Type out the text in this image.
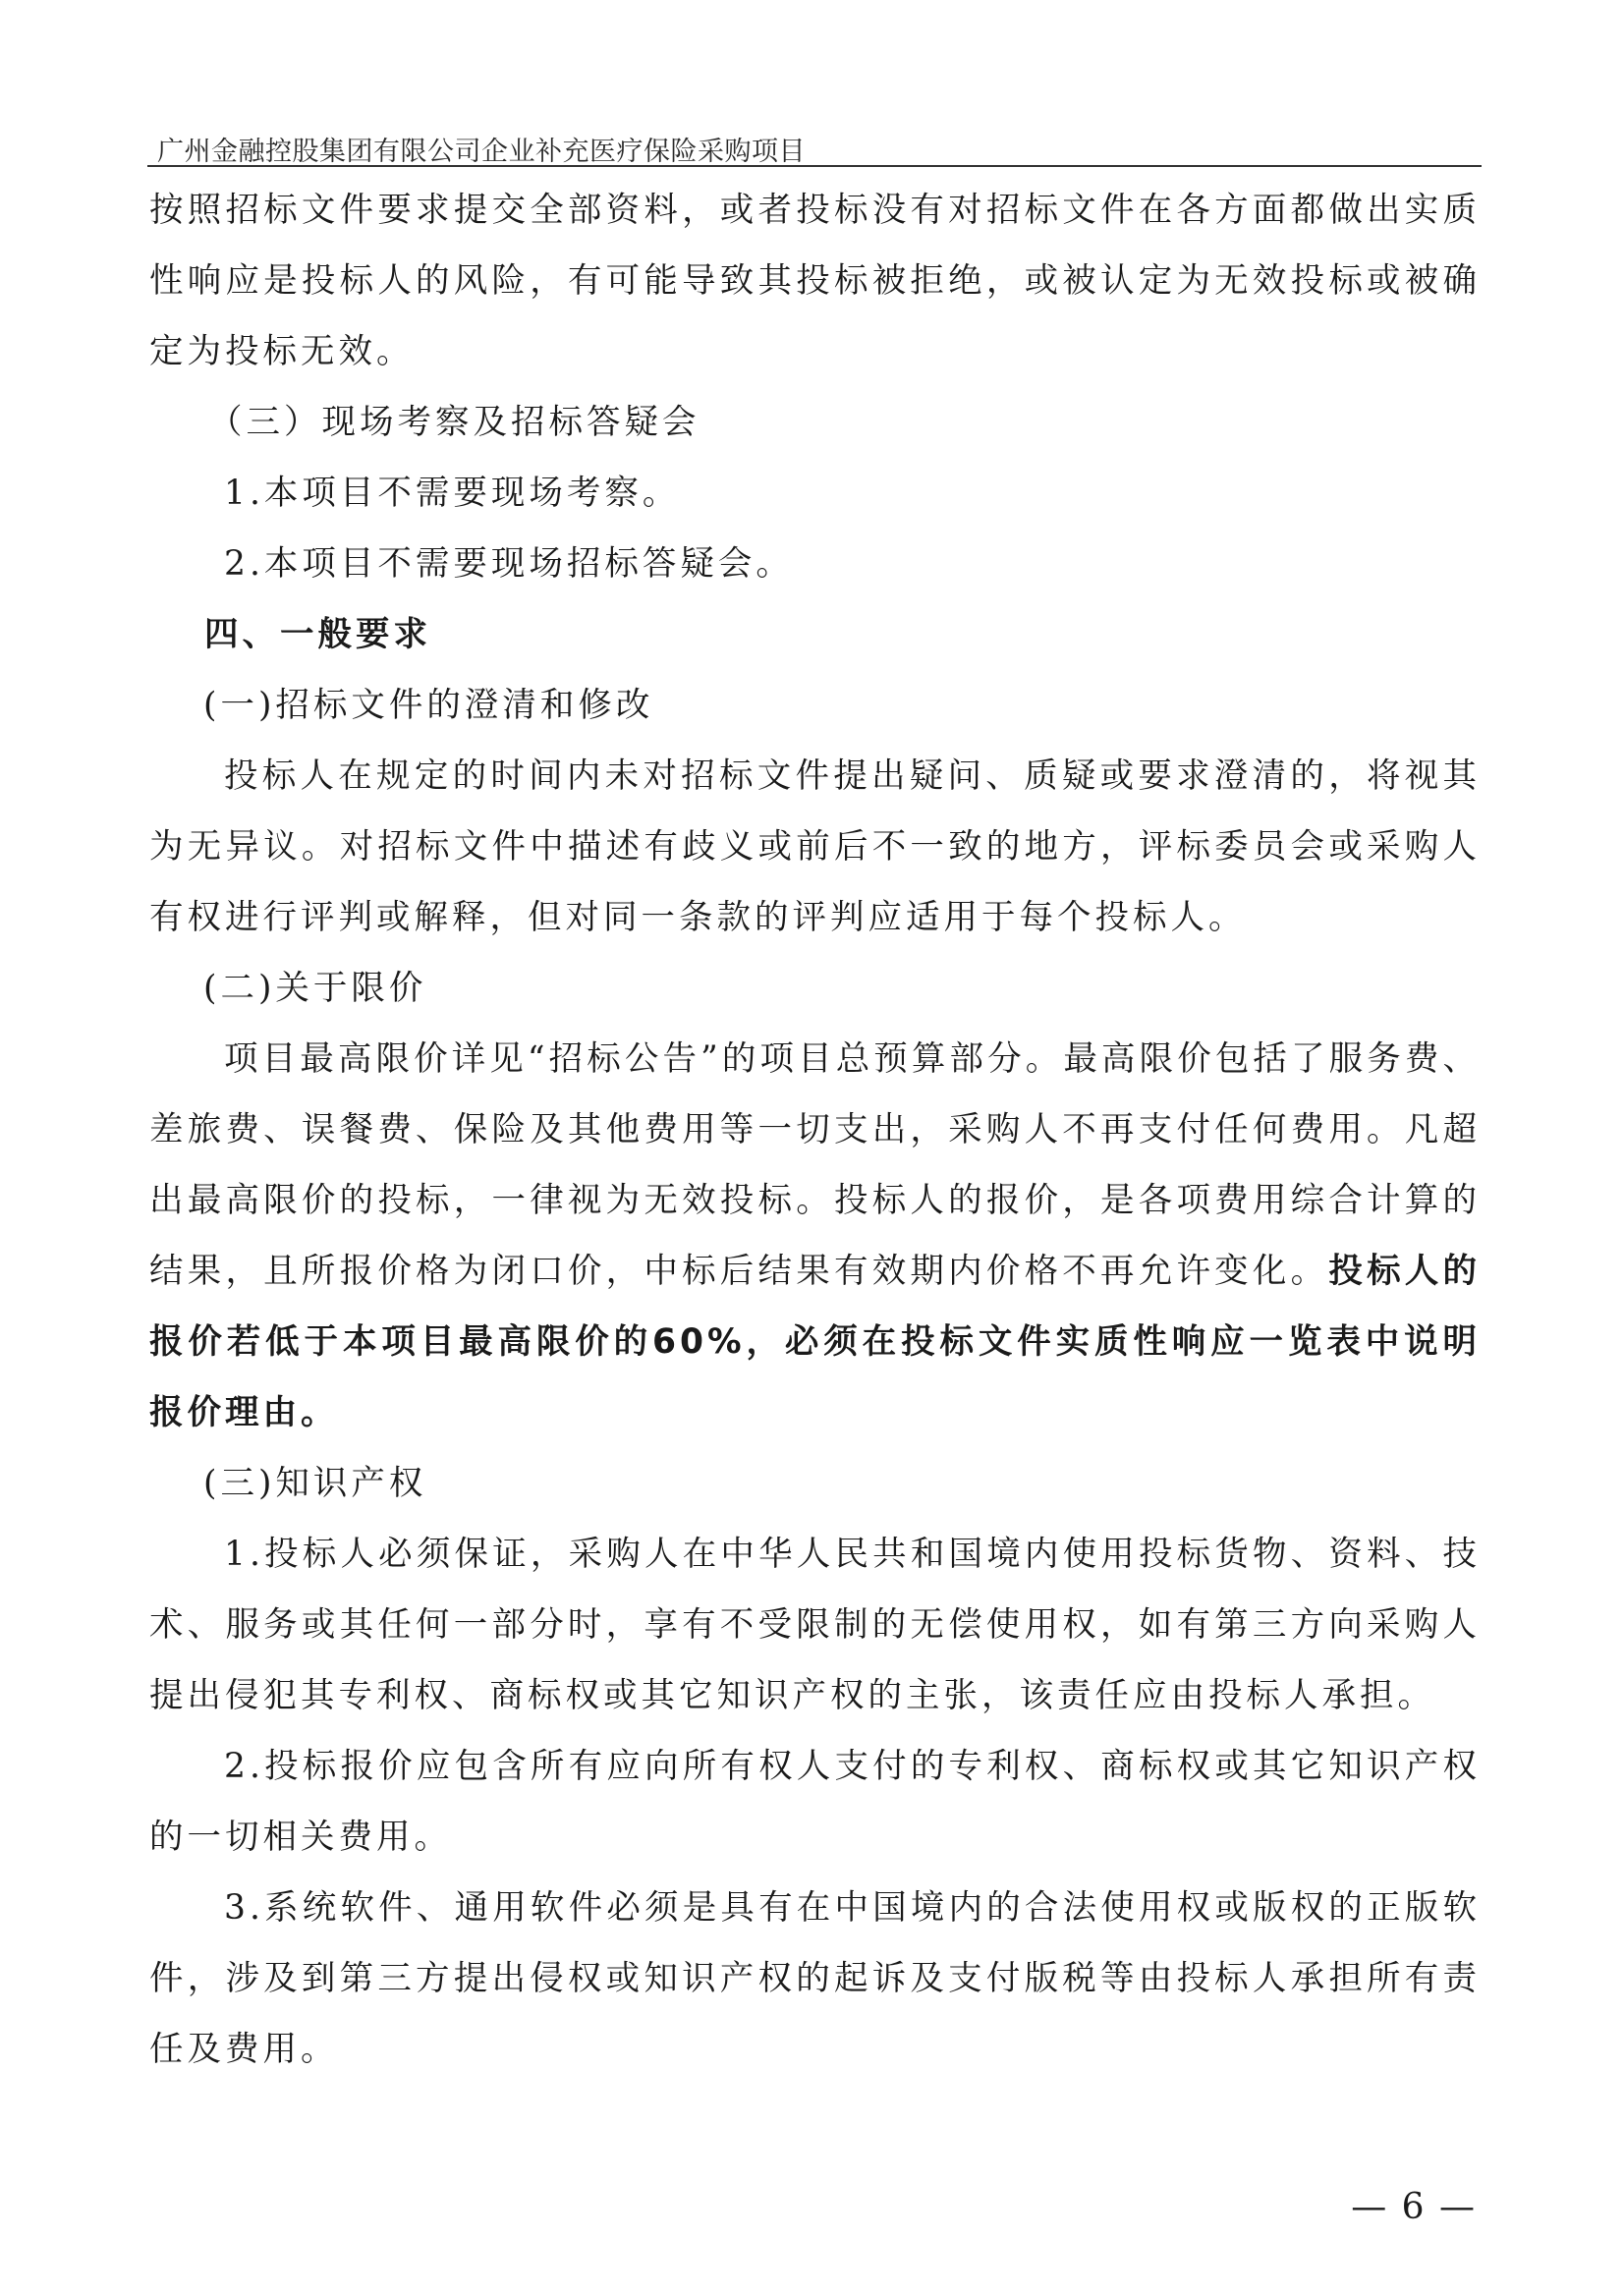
广州金融控股集团有限公司企业补充医疗保险采购项目

按照招标文件要求提交全部资料，或者投标没有对招标文件在各方面都做出实质性响应是投标人的风险，有可能导致其投标被拒绝，或被认定为无效投标或被确定为投标无效。

（三）现场考察及招标答疑会

1.本项目不需要现场考察。

2.本项目不需要现场招标答疑会。

四、一般要求

(一)招标文件的澄清和修改

投标人在规定的时间内未对招标文件提出疑问、质疑或要求澄清的，将视其为无异议。对招标文件中描述有歧义或前后不一致的地方，评标委员会或采购人有权进行评判或解释，但对同一条款的评判应适用于每个投标人。

(二)关于限价

项目最高限价详见“招标公告”的项目总预算部分。最高限价包括了服务费、差旅费、误餐费、保险及其他费用等一切支出，采购人不再支付任何费用。凡超出最高限价的投标，一律视为无效投标。投标人的报价，是各项费用综合计算的结果，且所报价格为闭口价，中标后结果有效期内价格不再允许变化。投标人的报价若低于本项目最高限价的60%，必须在投标文件实质性响应一览表中说明报价理由。

(三)知识产权

1.投标人必须保证，采购人在中华人民共和国境内使用投标货物、资料、技术、服务或其任何一部分时，享有不受限制的无偿使用权，如有第三方向采购人提出侵犯其专利权、商标权或其它知识产权的主张，该责任应由投标人承担。

2.投标报价应包含所有应向所有权人支付的专利权、商标权或其它知识产权的一切相关费用。

3.系统软件、通用软件必须是具有在中国境内的合法使用权或版权的正版软件，涉及到第三方提出侵权或知识产权的起诉及支付版税等由投标人承担所有责任及费用。

— 6 —
